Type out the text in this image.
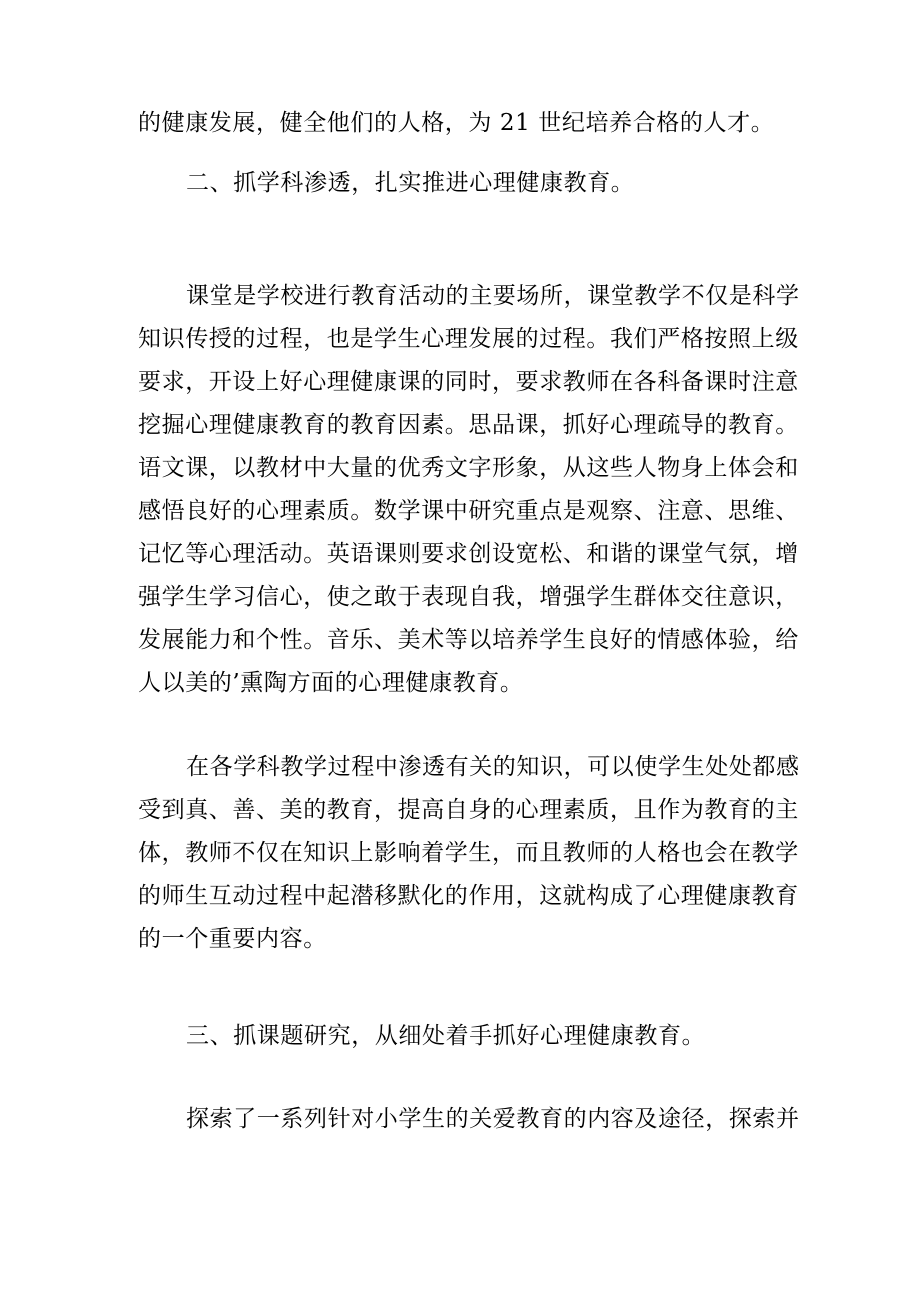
的健康发展，健全他们的人格，为 21 世纪培养合格的人才。
二、抓学科渗透，扎实推进心理健康教育。
课堂是学校进行教育活动的主要场所，课堂教学不仅是科学
知识传授的过程，也是学生心理发展的过程。我们严格按照上级
要求，开设上好心理健康课的同时，要求教师在各科备课时注意
挖掘心理健康教育的教育因素。思品课，抓好心理疏导的教育。
语文课，以教材中大量的优秀文字形象，从这些人物身上体会和
感悟良好的心理素质。数学课中研究重点是观察、注意、思维、
记忆等心理活动。英语课则要求创设宽松、和谐的课堂气氛，增
强学生学习信心，使之敢于表现自我，增强学生群体交往意识，
发展能力和个性。音乐、美术等以培养学生良好的情感体验，给
人以美的’熏陶方面的心理健康教育。
在各学科教学过程中渗透有关的知识，可以使学生处处都感
受到真、善、美的教育，提高自身的心理素质，且作为教育的主
体，教师不仅在知识上影响着学生，而且教师的人格也会在教学
的师生互动过程中起潜移默化的作用，这就构成了心理健康教育
的一个重要内容。
三、抓课题研究，从细处着手抓好心理健康教育。
探索了一系列针对小学生的关爱教育的内容及途径，探索并
